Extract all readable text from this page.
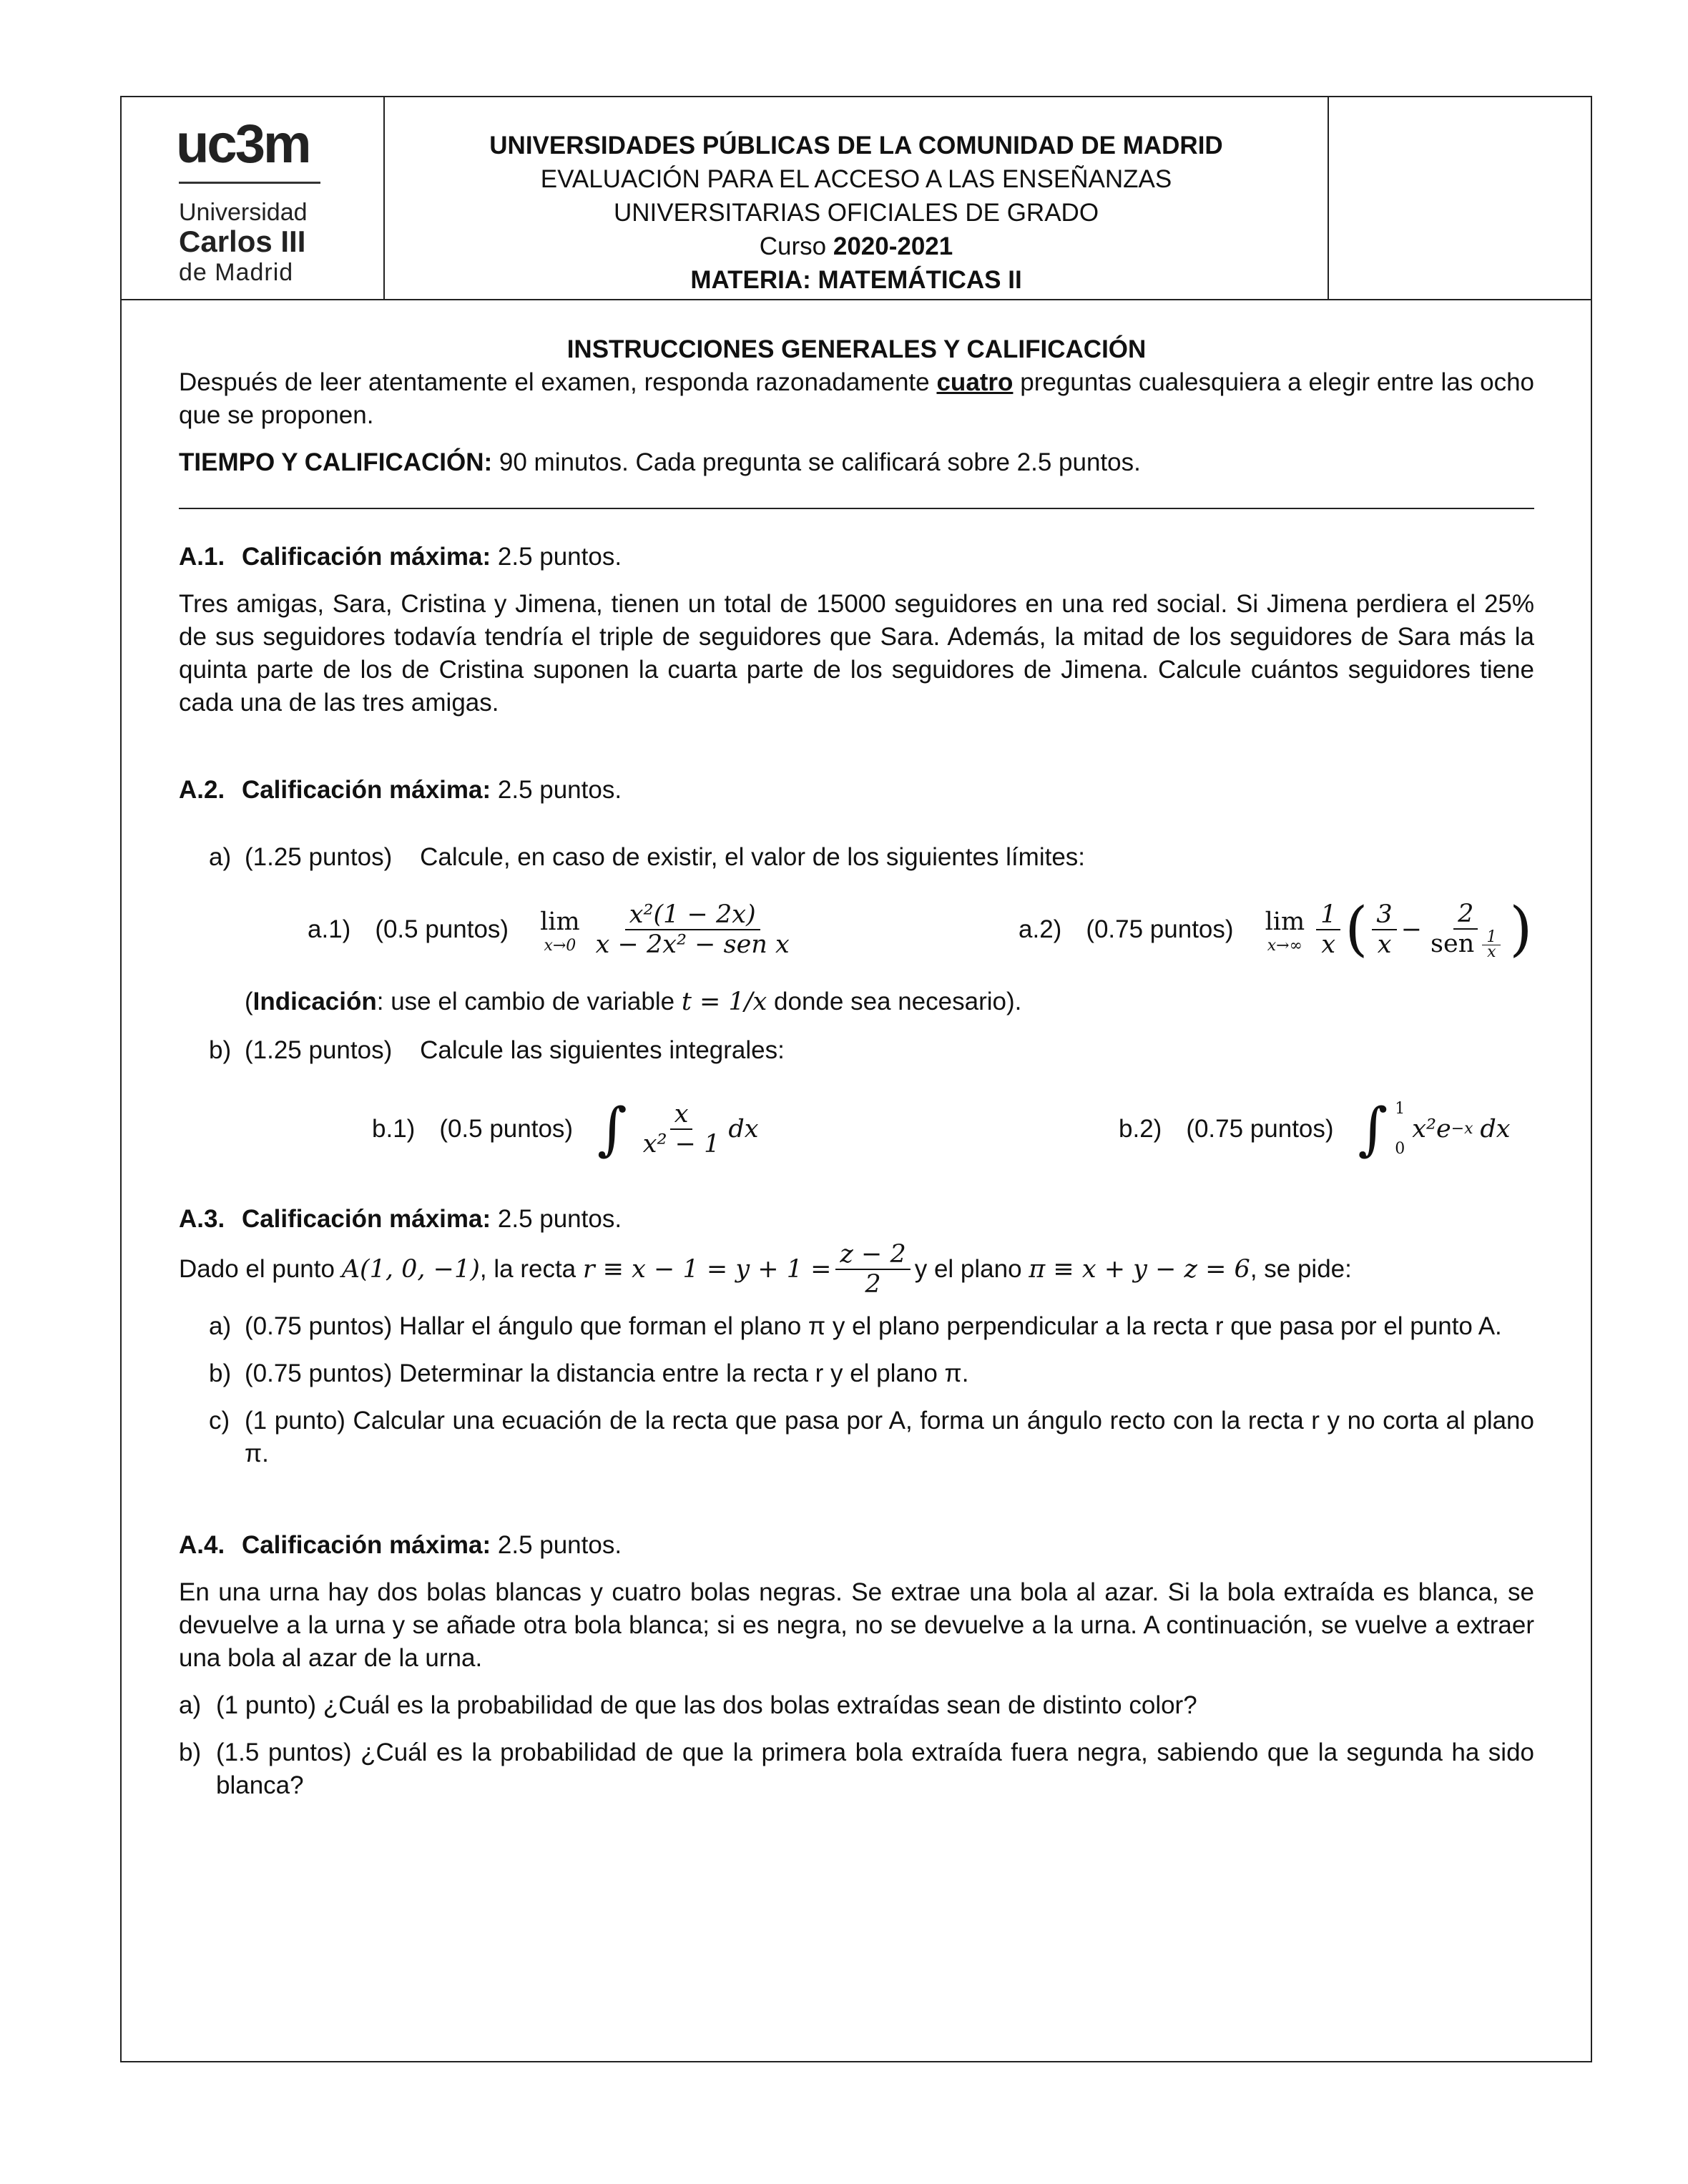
uc3m
Universidad
Carlos III
de Madrid
UNIVERSIDADES PÚBLICAS DE LA COMUNIDAD DE MADRID
EVALUACIÓN PARA EL ACCESO A LAS ENSEÑANZAS
UNIVERSITARIAS OFICIALES DE GRADO
Curso 2020-2021
MATERIA: MATEMÁTICAS II
INSTRUCCIONES GENERALES Y CALIFICACIÓN

Después de leer atentamente el examen, responda razonadamente cuatro preguntas cualesquiera a elegir entre las ocho que se proponen.

TIEMPO Y CALIFICACIÓN: 90 minutos. Cada pregunta se calificará sobre 2.5 puntos.

A.1. Calificación máxima: 2.5 puntos.

Tres amigas, Sara, Cristina y Jimena, tienen un total de 15000 seguidores en una red social. Si Jimena perdiera el 25% de sus seguidores todavía tendría el triple de seguidores que Sara. Además, la mitad de los seguidores de Sara más la quinta parte de los de Cristina suponen la cuarta parte de los seguidores de Jimena. Calcule cuántos seguidores tiene cada una de las tres amigas.

A.2. Calificación máxima: 2.5 puntos.

a) (1.25 puntos)    Calcule, en caso de existir, el valor de los siguientes límites:

a.1) (0.5 puntos) lim
$x\to 0 \frac{\text{x²(1 − 2x)}}{\text{x − 2x² − sen x}}$	a.2) (0.75 puntos) lim
$x\to\infty \frac{1}{x}$ ( $\frac{3}{x} - \frac{2}{sen \frac{1}{x}}$ )

(Indicación: use el cambio de variable t = 1/x donde sea necesario).

b) (1.25 puntos)    Calcule las siguientes integrales:

b.1) (0.5 puntos) ∫ $\frac{x}{\text{x² − 1}}$ dx	b.2) (0.75 puntos) ∫ 1
0
x²e −x
dx

A.3. Calificación máxima: 2.5 puntos.

Dado el punto
A(1, 0, −1) , la recta
$r \equiv x - 1 = y + 1 = \frac{z - 2}{2}$ y el plano
π ≡ x + y − z = 6 , se pide:

a) (0.75 puntos) Hallar el ángulo que forman el plano π y el plano perpendicular a la recta r que pasa por el punto A.

b) (0.75 puntos) Determinar la distancia entre la recta r y el plano π.

c) (1 punto) Calcular una ecuación de la recta que pasa por A, forma un ángulo recto con la recta r y no corta al plano π.

A.4. Calificación máxima: 2.5 puntos.

En una urna hay dos bolas blancas y cuatro bolas negras. Se extrae una bola al azar. Si la bola extraída es blanca, se devuelve a la urna y se añade otra bola blanca; si es negra, no se devuelve a la urna. A continuación, se vuelve a extraer una bola al azar de la urna.

a) (1 punto) ¿Cuál es la probabilidad de que las dos bolas extraídas sean de distinto color?

b) (1.5 puntos) ¿Cuál es la probabilidad de que la primera bola extraída fuera negra, sabiendo que la segunda ha sido blanca?
